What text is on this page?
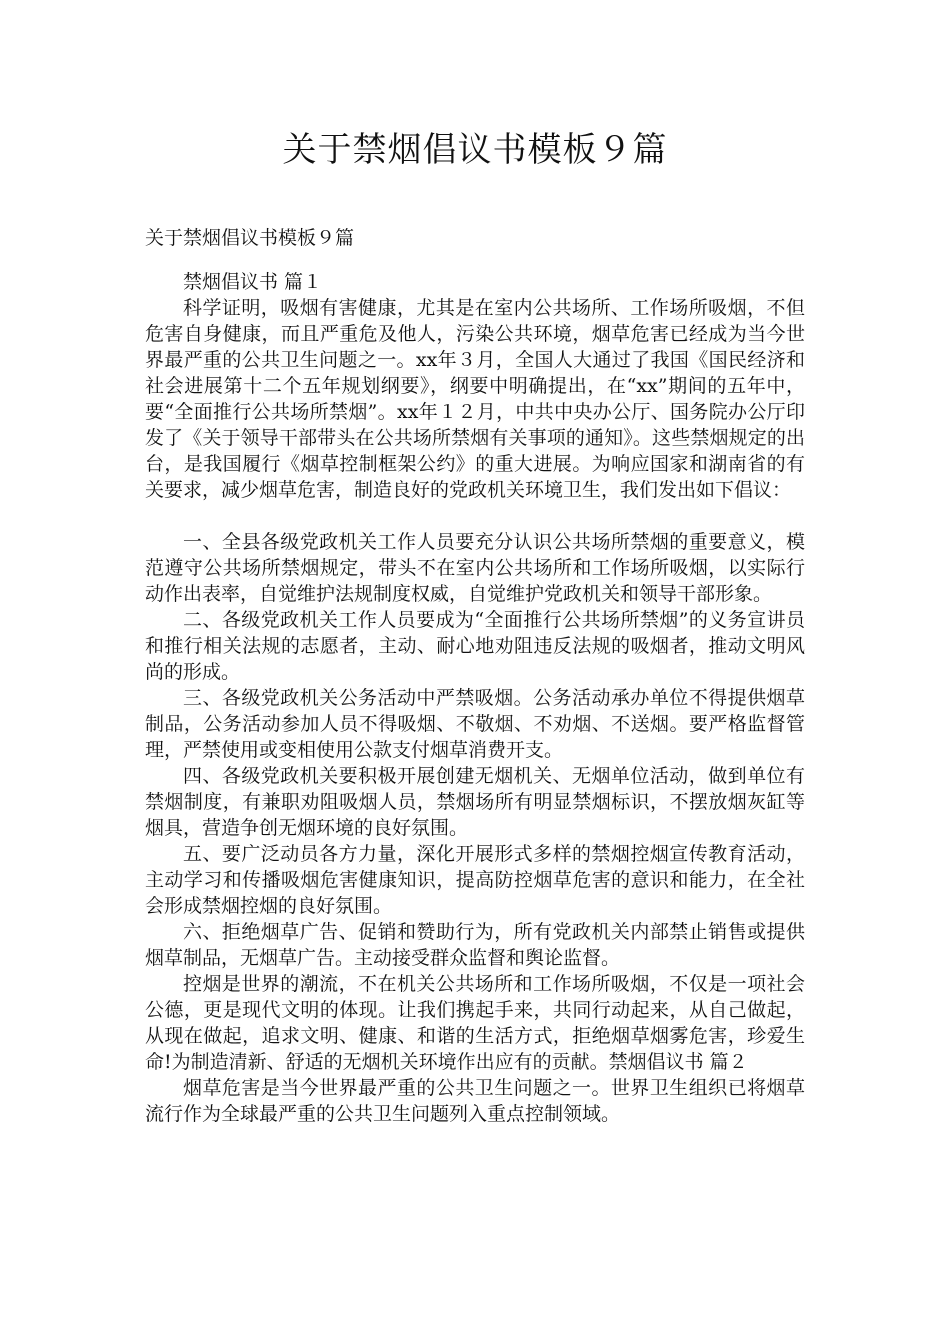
关于禁烟倡议书模板９篇

关于禁烟倡议书模板９篇

禁烟倡议书 篇１

科学证明，吸烟有害健康，尤其是在室内公共场所、工作场所吸烟，不但危害自身健康，而且严重危及他人，污染公共环境，烟草危害已经成为当今世界最严重的公共卫生问题之一。xx年３月，全国人大通过了我国《国民经济和社会进展第十二个五年规划纲要》，纲要中明确提出，在“xx”期间的五年中，要“全面推行公共场所禁烟”。xx年１２月，中共中央办公厅、国务院办公厅印发了《关于领导干部带头在公共场所禁烟有关事项的通知》。这些禁烟规定的出台，是我国履行《烟草控制框架公约》的重大进展。为响应国家和湖南省的有关要求，减少烟草危害，制造良好的党政机关环境卫生，我们发出如下倡议：

一、全县各级党政机关工作人员要充分认识公共场所禁烟的重要意义，模范遵守公共场所禁烟规定，带头不在室内公共场所和工作场所吸烟，以实际行动作出表率，自觉维护法规制度权威，自觉维护党政机关和领导干部形象。

二、各级党政机关工作人员要成为“全面推行公共场所禁烟”的义务宣讲员和推行相关法规的志愿者，主动、耐心地劝阻违反法规的吸烟者，推动文明风尚的形成。

三、各级党政机关公务活动中严禁吸烟。公务活动承办单位不得提供烟草制品，公务活动参加人员不得吸烟、不敬烟、不劝烟、不送烟。要严格监督管理，严禁使用或变相使用公款支付烟草消费开支。

四、各级党政机关要积极开展创建无烟机关、无烟单位活动，做到单位有禁烟制度，有兼职劝阻吸烟人员，禁烟场所有明显禁烟标识，不摆放烟灰缸等烟具，营造争创无烟环境的良好氛围。

五、要广泛动员各方力量，深化开展形式多样的禁烟控烟宣传教育活动，主动学习和传播吸烟危害健康知识，提高防控烟草危害的意识和能力，在全社会形成禁烟控烟的良好氛围。

六、拒绝烟草广告、促销和赞助行为，所有党政机关内部禁止销售或提供烟草制品，无烟草广告。主动接受群众监督和舆论监督。

控烟是世界的潮流，不在机关公共场所和工作场所吸烟，不仅是一项社会公德，更是现代文明的体现。让我们携起手来，共同行动起来，从自己做起，从现在做起，追求文明、健康、和谐的生活方式，拒绝烟草烟雾危害，珍爱生命!为制造清新、舒适的无烟机关环境作出应有的贡献。禁烟倡议书 篇２

烟草危害是当今世界最严重的公共卫生问题之一。世界卫生组织已将烟草流行作为全球最严重的公共卫生问题列入重点控制领域。
